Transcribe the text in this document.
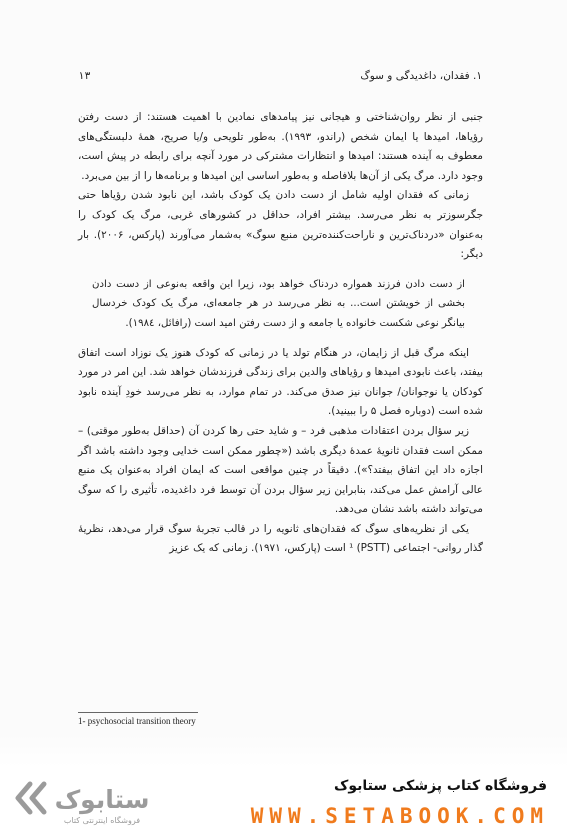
۱. فقدان، داغدیدگی و سوگ
۱۳

جنبی از نظر روان‌شناختی و هیجانی نیز پیامدهای نمادین با اهمیت هستند: از دست رفتن رؤیاها، امیدها یا ایمان شخص (راندو، ۱۹۹۳). به‌طور تلویحی و/یا صریح، همهٔ دلبستگی‌های معطوف به آینده هستند: امیدها و انتظارات مشترکی در مورد آنچه برای رابطه در پیش است، وجود دارد. مرگ یکی از آن‌ها بلافاصله و به‌طور اساسی این امیدها و برنامه‌ها را از بین می‌برد.

زمانی که فقدان اولیه شامل از دست دادن یک کودک باشد، این نابود شدن رؤیاها حتی جگرسوزتر به نظر می‌رسد. بیشتر افراد، حداقل در کشورهای غربی، مرگ یک کودک را به‌عنوان «دردناک‌ترین و ناراحت‌کننده‌ترین منبع سوگ» به‌شمار می‌آورند (پارکس، ۲۰۰۶). بار دیگر:

از دست دادن فرزند همواره دردناک خواهد بود، زیرا این واقعه به‌نوعی از دست دادن بخشی از خویشتن است... به نظر می‌رسد در هر جامعه‌ای، مرگ یک کودک خردسال بیانگر نوعی شکست خانواده یا جامعه و از دست رفتن امید است (رافائل، ۱۹۸٤).

اینکه مرگ قبل از زایمان، در هنگام تولد یا در زمانی که کودک هنوز یک نوزاد است اتفاق بیفتد، باعث نابودی امیدها و رؤیاهای والدین برای زندگی فرزندشان خواهد شد. این امر در مورد کودکان یا نوجوانان/ جوانان نیز صدق می‌کند. در تمام موارد، به نظر می‌رسد خودِ آینده نابود شده است (دوباره فصل ۵ را ببینید).

زیر سؤال بردن اعتقادات مذهبی فرد – و شاید حتی رها کردن آن (حداقل به‌طور موقتی) – ممکن است فقدان ثانویهٔ عمدهٔ دیگری باشد («چطور ممکن است خدایی وجود داشته باشد اگر اجازه داد این اتفاق بیفتد؟»). دقیقاً در چنین مواقعی است که ایمان افراد به‌عنوان یک منبع عالی آرامش عمل می‌کند، بنابراین زیر سؤال بردن آن توسط فرد داغدیده، تأثیری را که سوگ می‌تواند داشته باشد نشان می‌دهد.

یکی از نظریه‌های سوگ که فقدان‌های ثانویه را در قالب تجربهٔ سوگ قرار می‌دهد، نظریهٔ گذار روانی- اجتماعی (PSTT) ¹ است (پارکس، ۱۹۷۱). زمانی که یک عزیز

1- psychosocial transition theory
ستابوک
فروشگاه اینترنتی کتاب
فروشگاه کتاب پزشکی ستابوک
WWW.SETABOOK.COM
